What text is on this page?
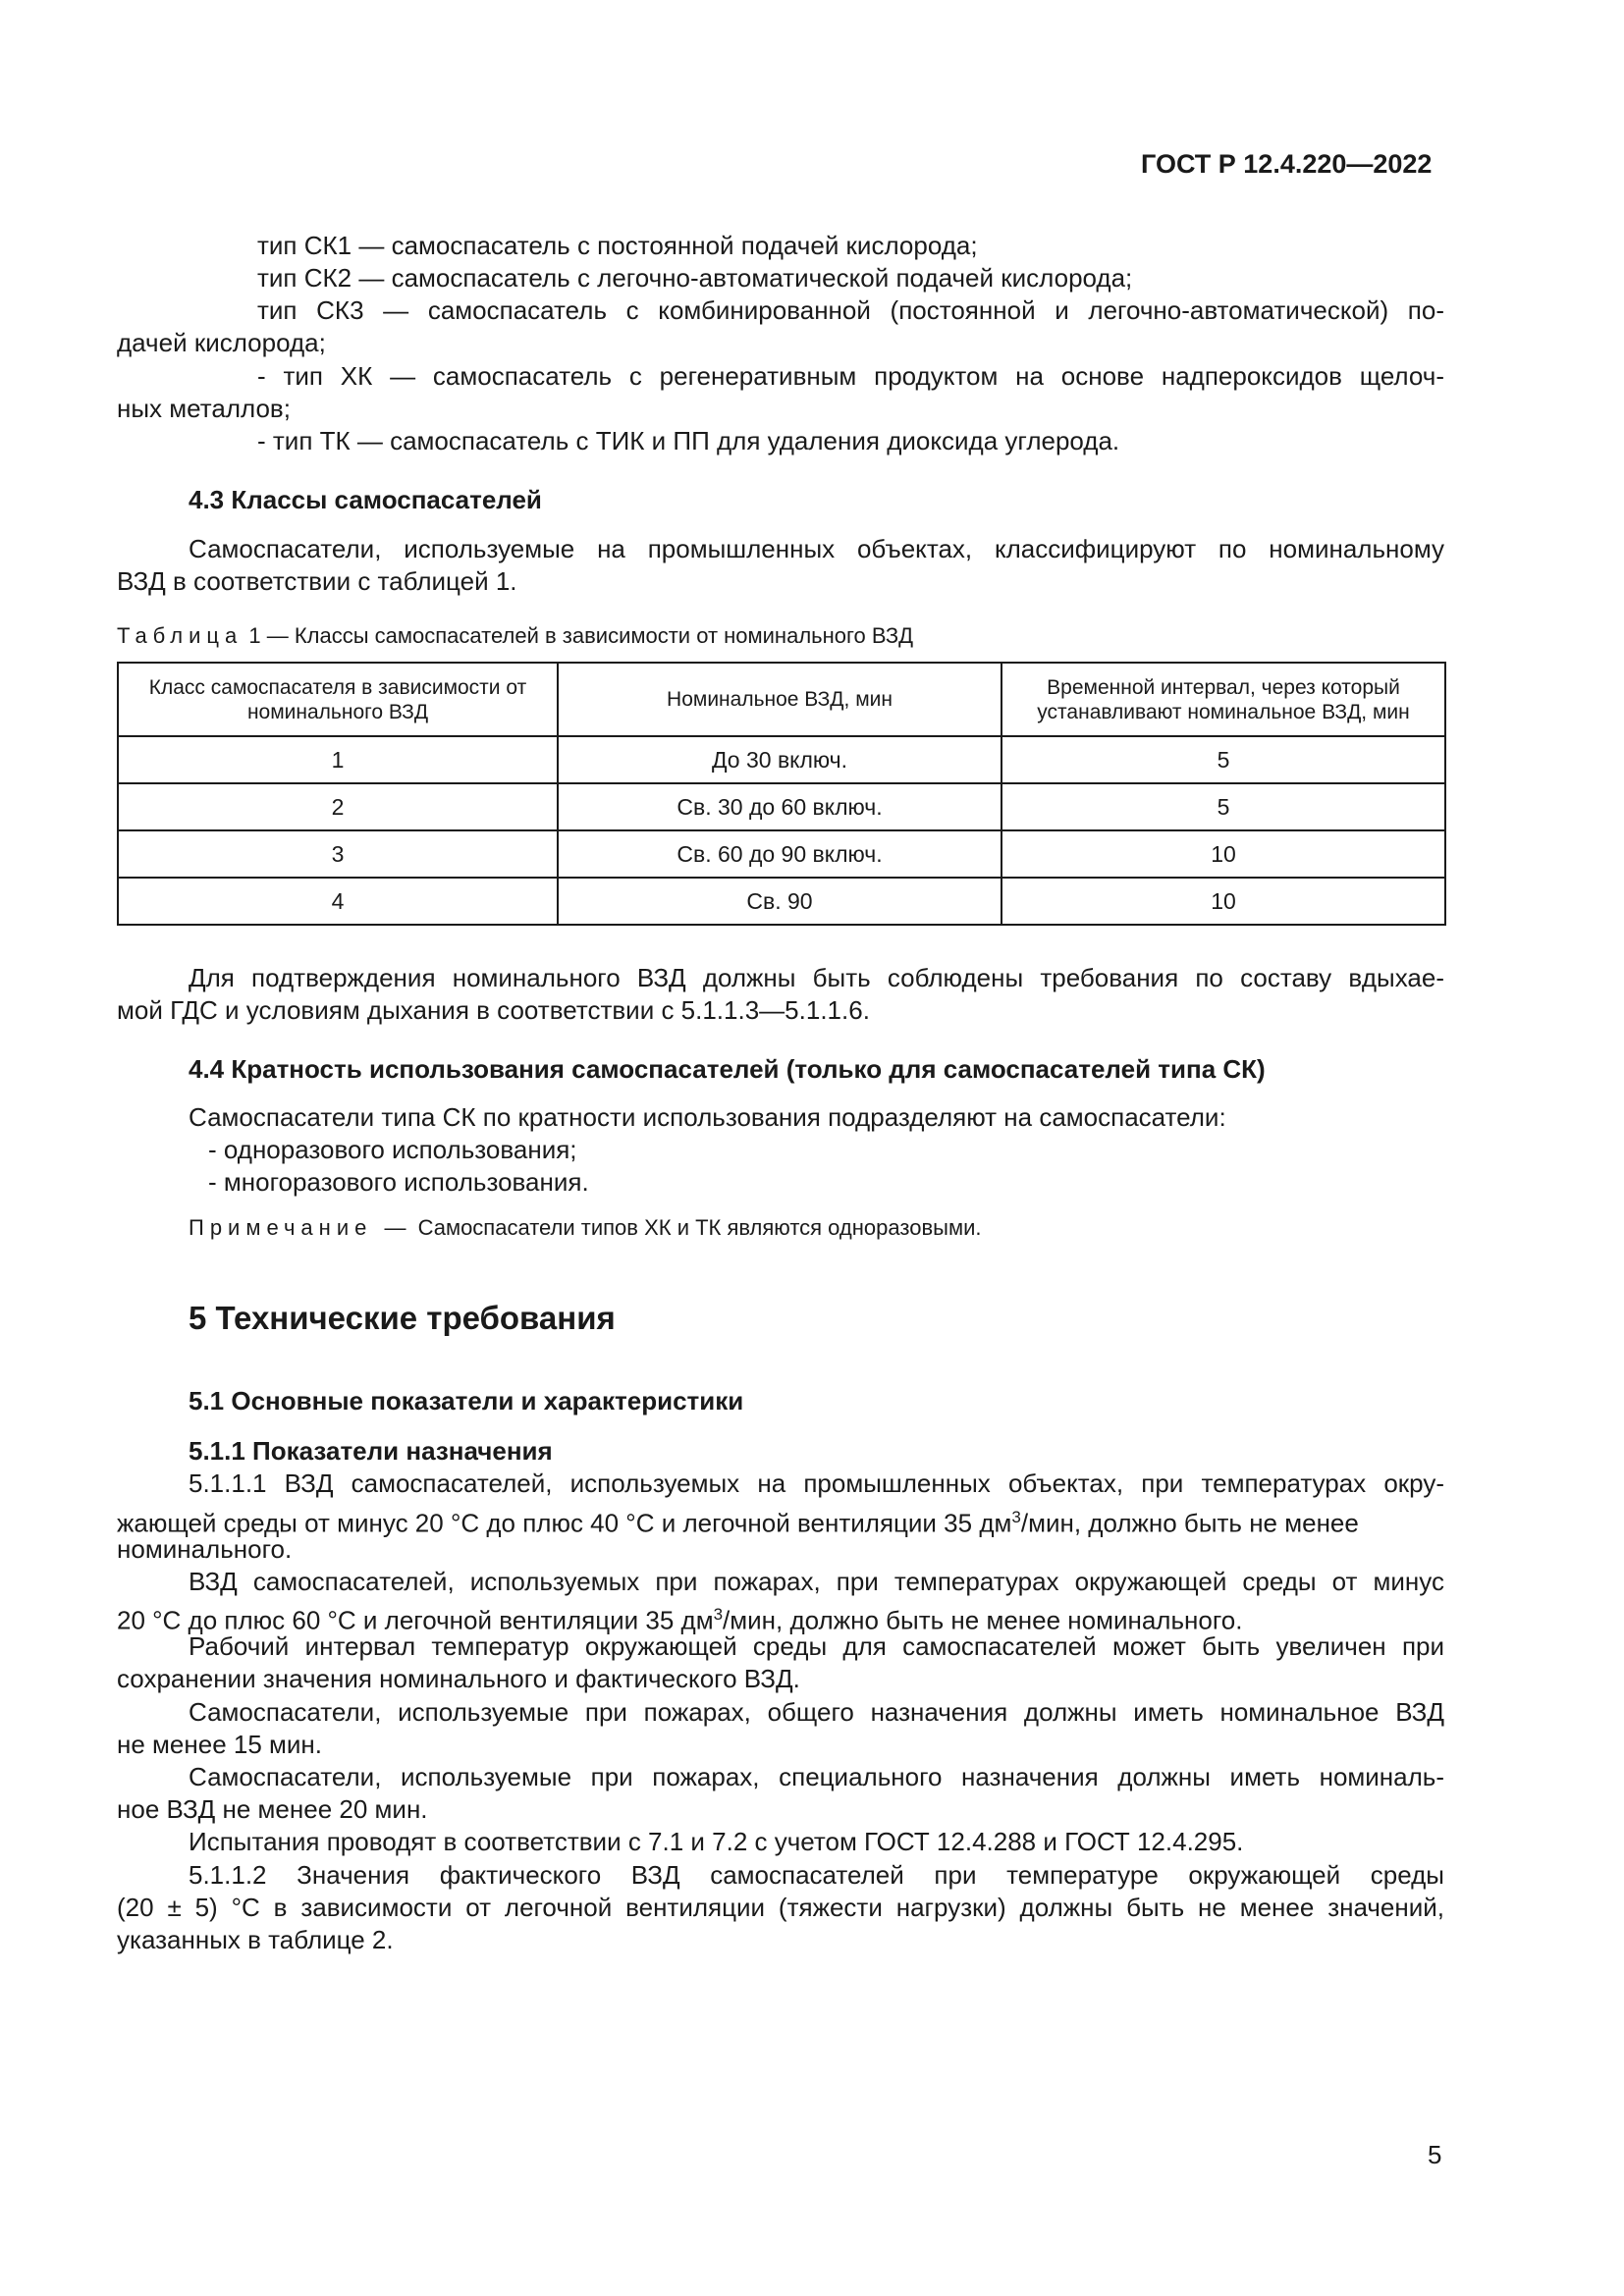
ГОСТ Р 12.4.220—2022
тип СК1 — самоспасатель с постоянной подачей кислорода;
тип СК2 — самоспасатель с легочно-автоматической подачей кислорода;
тип СК3 — самоспасатель с комбинированной (постоянной и легочно-автоматической) по-
дачей кислорода;
- тип ХК — самоспасатель с регенеративным продуктом на основе надпероксидов щелоч-
ных металлов;
- тип ТК — самоспасатель с ТИК и ПП для удаления диоксида углерода.
4.3 Классы самоспасателей
Самоспасатели, используемые на промышленных объектах, классифицируют по номинальному
ВЗД в соответствии с таблицей 1.
Таблица 1 — Классы самоспасателей в зависимости от номинального ВЗД
Класс самоспасателя в зависимости от номинального ВЗД	Номинальное ВЗД, мин	Временной интервал, через который устанавливают номинальное ВЗД, мин
1	До 30 включ.	5
2	Св. 30 до 60 включ.	5
3	Св. 60 до 90 включ.	10
4	Св. 90	10
Для подтверждения номинального ВЗД должны быть соблюдены требования по составу вдыхае-
мой ГДС и условиям дыхания в соответствии с 5.1.1.3—5.1.1.6.
4.4 Кратность использования самоспасателей (только для самоспасателей типа СК)
Самоспасатели типа СК по кратности использования подразделяют на самоспасатели:
- одноразового использования;
- многоразового использования.
Примечание — Самоспасатели типов ХК и ТК являются одноразовыми.
5 Технические требования
5.1 Основные показатели и характеристики
5.1.1 Показатели назначения
5.1.1.1 ВЗД самоспасателей, используемых на промышленных объектах, при температурах окру-
жающей среды от минус 20 °С до плюс 40 °С и легочной вентиляции 35 $дм^3$/мин, должно быть не менее
номинального.
ВЗД самоспасателей, используемых при пожарах, при температурах окружающей среды от минус
20 °С до плюс 60 °С и легочной вентиляции 35 $дм^3$/мин, должно быть не менее номинального.
Рабочий интервал температур окружающей среды для самоспасателей может быть увеличен при
сохранении значения номинального и фактического ВЗД.
Самоспасатели, используемые при пожарах, общего назначения должны иметь номинальное ВЗД
не менее 15 мин.
Самоспасатели, используемые при пожарах, специального назначения должны иметь номиналь-
ное ВЗД не менее 20 мин.
Испытания проводят в соответствии с 7.1 и 7.2 с учетом ГОСТ 12.4.288 и ГОСТ 12.4.295.
5.1.1.2 Значения фактического ВЗД самоспасателей при температуре окружающей среды
(20 ± 5) °С в зависимости от легочной вентиляции (тяжести нагрузки) должны быть не менее значений,
указанных в таблице 2.
5
